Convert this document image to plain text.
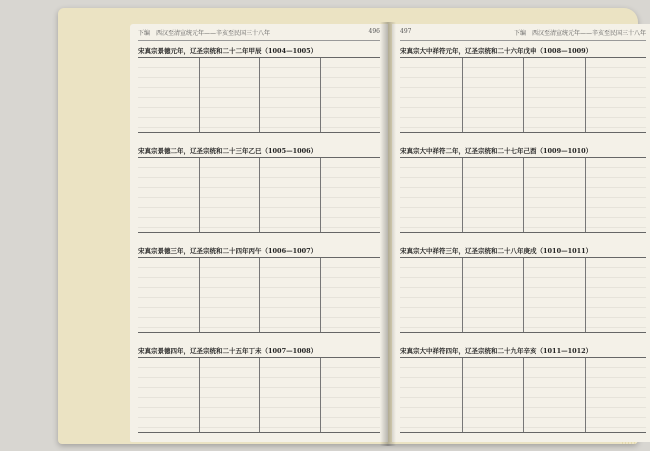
下编　西汉至清宣统元年——辛亥至民国三十八年	496
宋真宗景德元年，辽圣宗统和二十二年甲辰（1004—1005）
宋真宗景德二年，辽圣宗统和二十三年乙巳（1005—1006）
宋真宗景德三年，辽圣宗统和二十四年丙午（1006—1007）
宋真宗景德四年，辽圣宗统和二十五年丁未（1007—1008）
497	下编　西汉至清宣统元年——辛亥至民国三十八年
宋真宗大中祥符元年，辽圣宗统和二十六年戊申（1008—1009）
宋真宗大中祥符二年，辽圣宗统和二十七年己酉（1009—1010）
宋真宗大中祥符三年，辽圣宗统和二十八年庚戌（1010—1011）
宋真宗大中祥符四年，辽圣宗统和二十九年辛亥（1011—1012）
